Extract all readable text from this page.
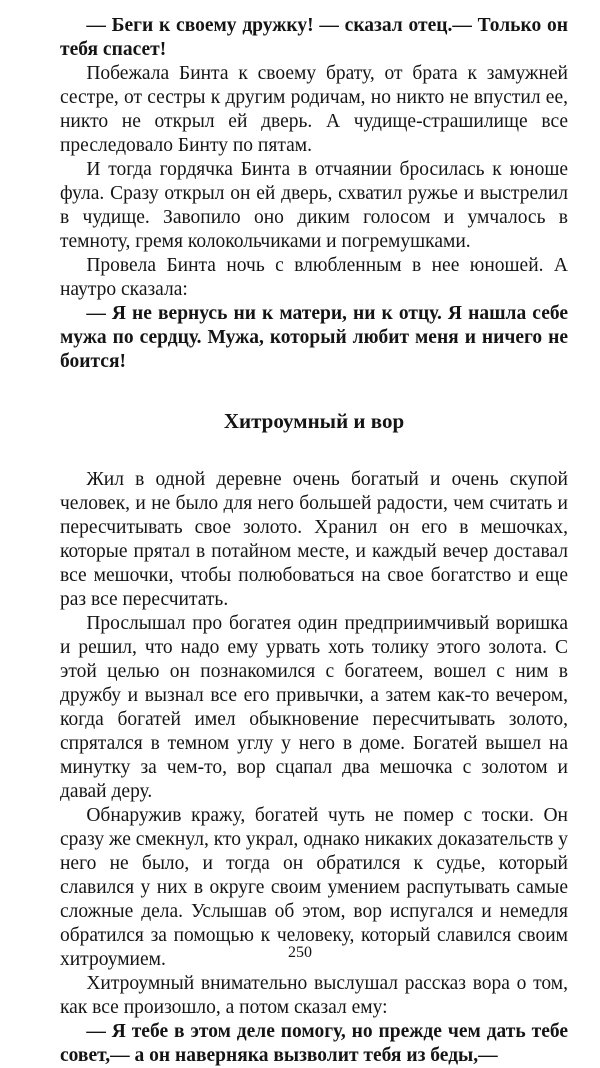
— Беги к своему дружку! — сказал отец.— Только он тебя спасет!

Побежала Бинта к своему брату, от брата к замужней сестре, от сестры к другим родичам, но никто не впустил ее, никто не открыл ей дверь. А чудище-страшилище все преследовало Бинту по пятам.

И тогда гордячка Бинта в отчаянии бросилась к юноше фула. Сразу открыл он ей дверь, схватил ружье и выстрелил в чудище. Завопило оно диким голосом и умчалось в темноту, гремя колокольчиками и погремушками.

Провела Бинта ночь с влюбленным в нее юношей. А наутро сказала:

— Я не вернусь ни к матери, ни к отцу. Я нашла себе мужа по сердцу. Мужа, который любит меня и ничего не боится!

Хитроумный и вор

Жил в одной деревне очень богатый и очень скупой человек, и не было для него большей радости, чем считать и пересчитывать свое золото. Хранил он его в мешочках, которые прятал в потайном месте, и каждый вечер доставал все мешочки, чтобы полюбоваться на свое богатство и еще раз все пересчитать.

Прослышал про богатея один предприимчивый воришка и решил, что надо ему урвать хоть толику этого золота. С этой целью он познакомился с богатеем, вошел с ним в дружбу и вызнал все его привычки, а затем как-то вечером, когда богатей имел обыкновение пересчитывать золото, спрятался в темном углу у него в доме. Богатей вышел на минутку за чем-то, вор сцапал два мешочка с золотом и давай деру.

Обнаружив кражу, богатей чуть не помер с тоски. Он сразу же смекнул, кто украл, однако никаких доказательств у него не было, и тогда он обратился к судье, который славился у них в округе своим умением распутывать самые сложные дела. Услышав об этом, вор испугался и немедля обратился за помощью к человеку, который славился своим хитроумием.

Хитроумный внимательно выслушал рассказ вора о том, как все произошло, а потом сказал ему:

— Я тебе в этом деле помогу, но прежде чем дать тебе совет,— а он наверняка вызволит тебя из беды,—

250
